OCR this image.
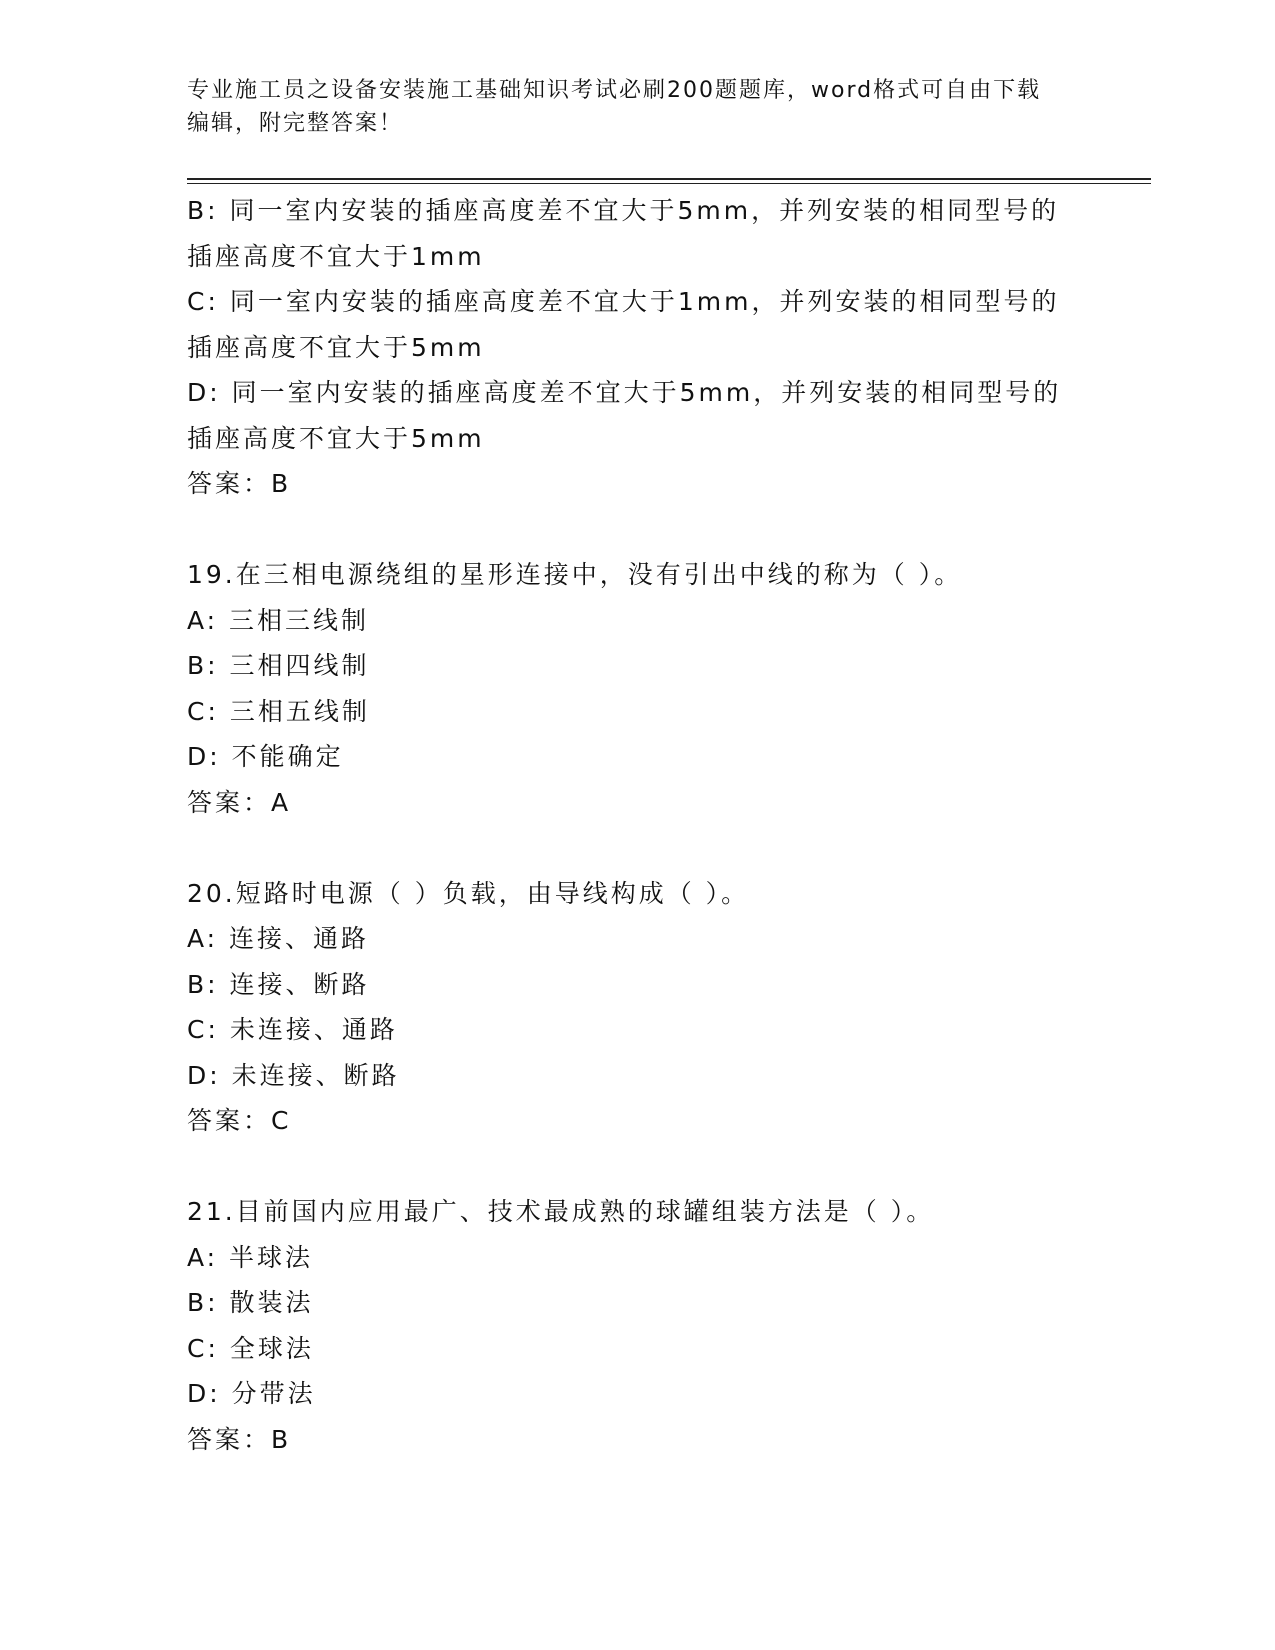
专业施工员之设备安装施工基础知识考试必刷200题题库，word格式可自由下载
编辑，附完整答案！
B: 同一室内安装的插座高度差不宜大于5mm，并列安装的相同型号的
插座高度不宜大于1mm
C: 同一室内安装的插座高度差不宜大于1mm，并列安装的相同型号的
插座高度不宜大于5mm
D: 同一室内安装的插座高度差不宜大于5mm，并列安装的相同型号的
插座高度不宜大于5mm
答案：B
19.在三相电源绕组的星形连接中，没有引出中线的称为（ ）。
A: 三相三线制
B: 三相四线制
C: 三相五线制
D: 不能确定
答案：A
20.短路时电源（ ）负载，由导线构成（ ）。
A: 连接、通路
B: 连接、断路
C: 未连接、通路
D: 未连接、断路
答案：C
21.目前国内应用最广、技术最成熟的球罐组装方法是（ ）。
A: 半球法
B: 散装法
C: 全球法
D: 分带法
答案：B
